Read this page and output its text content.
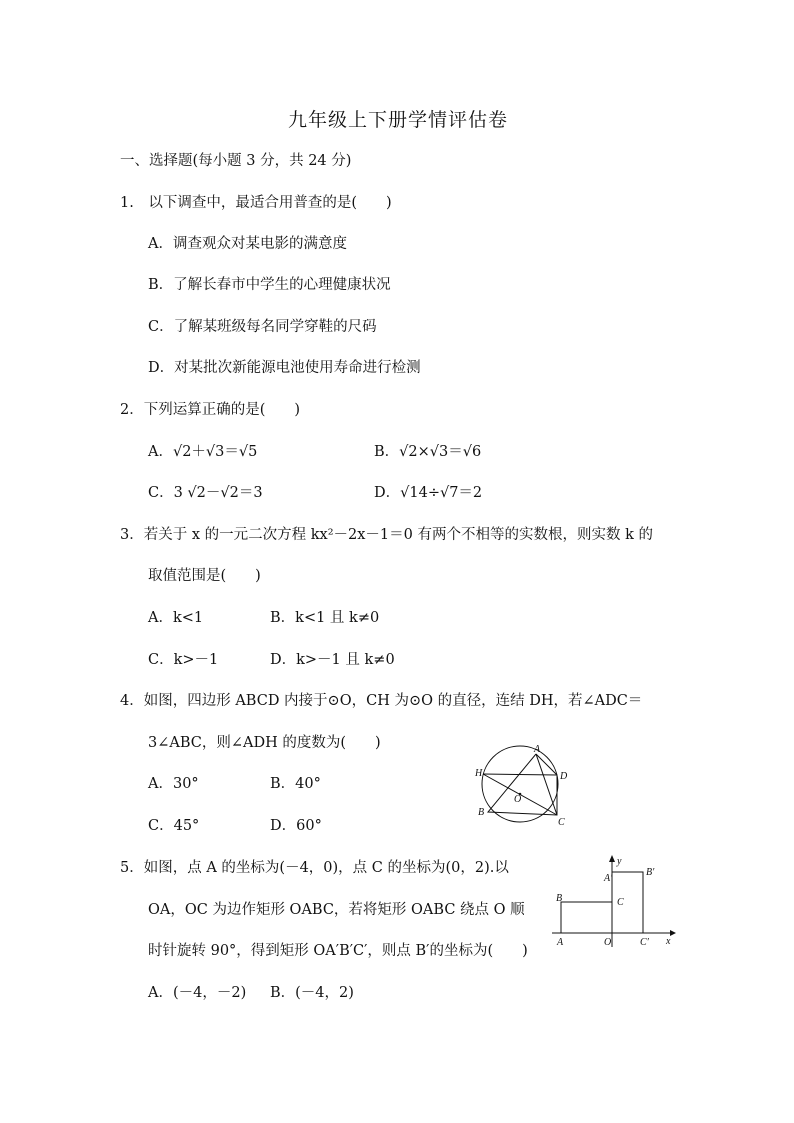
九年级上下册学情评估卷
一、选择题(每小题 3 分，共 24 分)
1.　以下调查中，最适合用普查的是(　　)
A．调查观众对某电影的满意度
B．了解长春市中学生的心理健康状况
C．了解某班级每名同学穿鞋的尺码
D．对某批次新能源电池使用寿命进行检测
2．下列运算正确的是(　　)
A．√2＋√3＝√5	B．√2×√3＝√6
C．3 √2－√2＝3	D．√14÷√7＝2
3．若关于 x 的一元二次方程 kx²－2x－1＝0 有两个不相等的实数根，则实数 k 的
取值范围是(　　)
A．k<1	B．k<1 且 k≠0
C．k>－1	D．k>－1 且 k≠0
4．如图，四边形 ABCD 内接于⊙O，CH 为⊙O 的直径，连结 DH，若∠ADC＝
3∠ABC，则∠ADH 的度数为(　　)
A．30°	B．40°
C．45°	D．60°
A
H	D
O
B
C
5．如图，点 A 的坐标为(－4，0)，点 C 的坐标为(0，2).以
OA，OC 为边作矩形 OABC，若将矩形 OABC 绕点 O 顺
时针旋转 90°，得到矩形 OA′B′C′，则点 B′的坐标为(　　)
A．(－4，－2) B．(－4，2)
y
A′
B′
B	C
A	O	C′ x
